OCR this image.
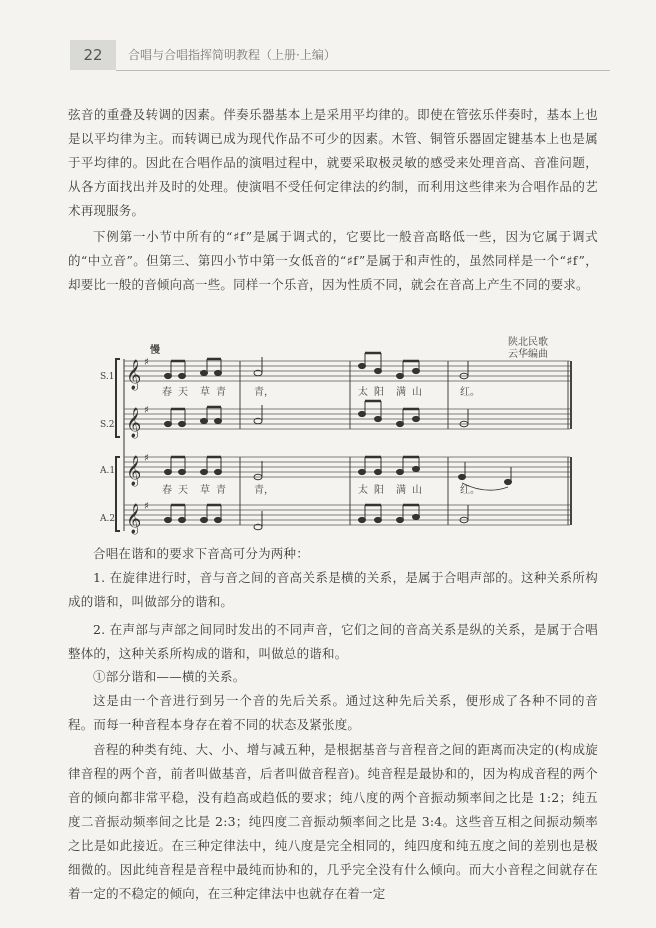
22	合唱与合唱指挥简明教程（上册·上编）
弦音的重叠及转调的因素。伴奏乐器基本上是采用平均律的。即使在管弦乐伴奏时，基本上也是以平均律为主。而转调已成为现代作品不可少的因素。木管、铜管乐器固定键基本上也是属于平均律的。因此在合唱作品的演唱过程中，就要采取极灵敏的感受来处理音高、音准问题，从各方面找出并及时的处理。使演唱不受任何定律法的约制，而利用这些律来为合唱作品的艺术再现服务。
下例第一小节中所有的“♯f”是属于调式的，它要比一般音高略低一些，因为它属于调式的“中立音”。但第三、第四小节中第一女低音的“♯f”是属于和声性的，虽然同样是一个“♯f”，却要比一般的音倾向高一些。同样一个乐音，因为性质不同，就会在音高上产生不同的要求。
陕北民歌
云华编曲
慢
S.1
S.2
A.1
A.2
𝄞
𝄞
𝄞
𝄞
♯
♯
♯
♯
春 天 草 青	青，	太 阳 满 山	红。
春 天 草 青	青，	太 阳 满 山	红。
合唱在谐和的要求下音高可分为两种：
1. 在旋律进行时，音与音之间的音高关系是横的关系，是属于合唱声部的。这种关系所构成的谐和，叫做部分的谐和。
2. 在声部与声部之间同时发出的不同声音，它们之间的音高关系是纵的关系，是属于合唱整体的，这种关系所构成的谐和，叫做总的谐和。
①部分谐和——横的关系。
这是由一个音进行到另一个音的先后关系。通过这种先后关系，便形成了各种不同的音程。而每一种音程本身存在着不同的状态及紧张度。
音程的种类有纯、大、小、增与减五种，是根据基音与音程音之间的距离而决定的(构成旋律音程的两个音，前者叫做基音，后者叫做音程音)。纯音程是最协和的，因为构成音程的两个音的倾向都非常平稳，没有趋高或趋低的要求；纯八度的两个音振动频率间之比是 1:2；纯五度二音振动频率间之比是 2:3；纯四度二音振动频率间之比是 3:4。这些音互相之间振动频率之比是如此接近。在三种定律法中，纯八度是完全相同的，纯四度和纯五度之间的差别也是极细微的。因此纯音程是音程中最纯而协和的，几乎完全没有什么倾向。而大小音程之间就存在着一定的不稳定的倾向，在三种定律法中也就存在着一定
